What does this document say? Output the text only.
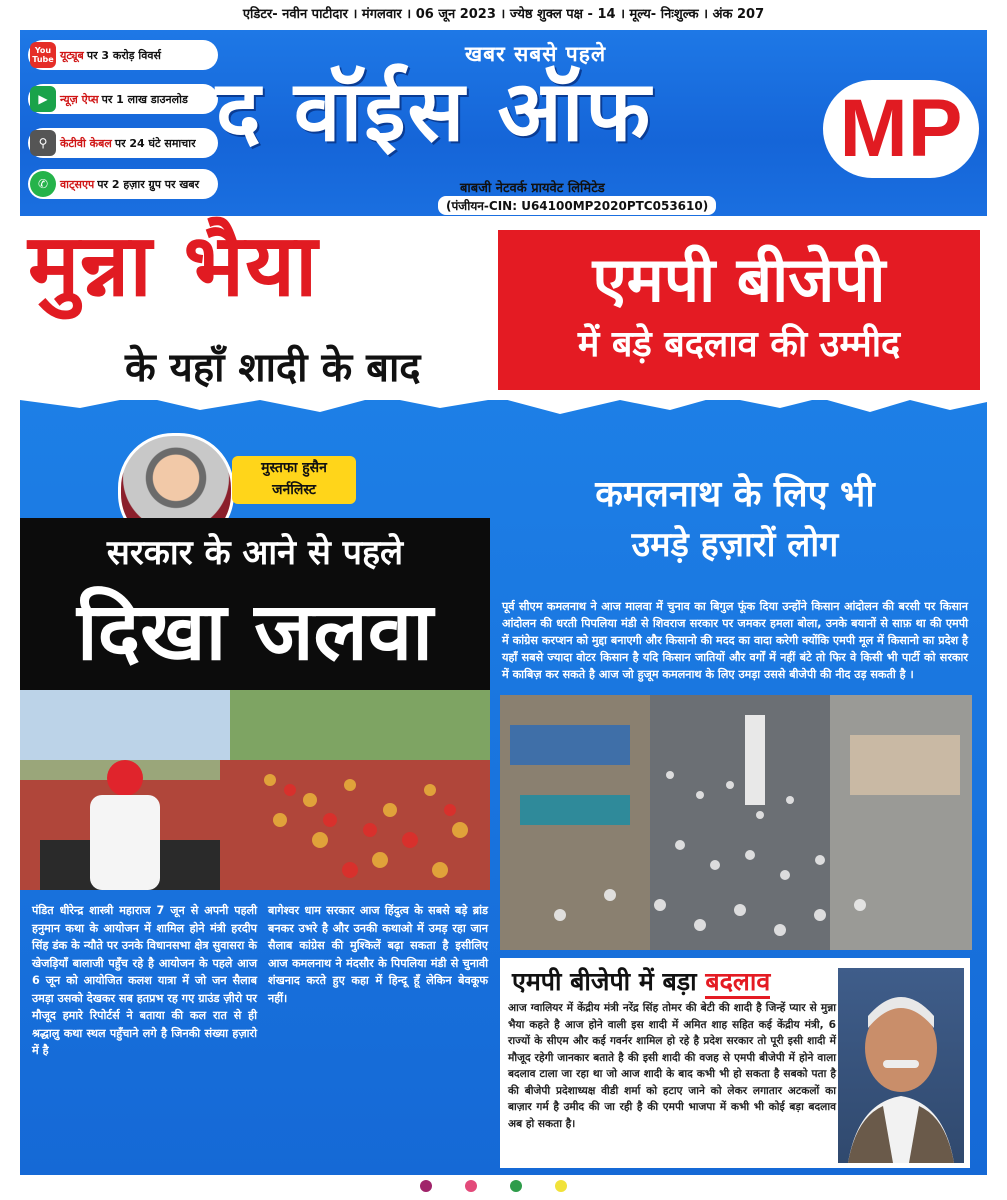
एडिटर- नवीन पाटीदार । मंगलवार । 06 जून 2023 । ज्येष्ठ शुक्ल पक्ष - 14 । मूल्य- निःशुल्क । अंक 207
You Tube यूट्यूब पर 3 करोड़ विवर्स
▶	न्यूज़ ऐप्स पर 1 लाख डाउनलोड
⚲	केटीवी केबल पर 24 घंटे समाचार
✆	वाट्सएप पर 2 हज़ार ग्रुप पर खबर
खबर सबसे पहले
द वॉईस ऑफ MP
बाबजी नेटवर्क प्रायवेट लिमिटेड
(पंजीयन-CIN: U64100MP2020PTC053610)
मुन्ना भैया
के यहाँ शादी के बाद
एमपी बीजेपी
में बड़े बदलाव की उम्मीद
मुस्तफा हुसैन
जर्नलिस्ट	कमलनाथ के लिए भी
उमड़े हज़ारों लोग
पूर्व सीएम कमलनाथ ने आज मालवा में चुनाव का बिगुल फूंक दिया उन्होंने किसान आंदोलन की बरसी पर किसान आंदोलन की धरती पिपलिया मंडी से शिवराज सरकार पर जमकर हमला बोला, उनके बयानों से साफ़ था की एमपी में कांग्रेस करप्शन को मुद्दा बनाएगी और किसानो की मदद का वादा करेगी क्योंकि एमपी मूल में किसानो का प्रदेश है यहाँ सबसे ज्यादा वोटर किसान है यदि किसान जातियों और वर्गों में नहीं बंटे तो फिर वे किसी भी पार्टी को सरकार में काबिज़ कर सकते है आज जो हुजूम कमलनाथ के लिए उमड़ा उससे बीजेपी की नीद उड़ सकती है ।
सरकार के आने से पहले
दिखा जलवा
पंडित धीरेन्द्र शास्त्री महाराज 7 जून से अपनी पहली हनुमान कथा के आयोजन में शामिल होने मंत्री हरदीप सिंह डंक के न्यौते पर उनके विधानसभा क्षेत्र सुवासरा के खेजड़ियाँ बालाजी पहुँच रहे है आयोजन के पहले आज 6 जून को आयोजित कलश यात्रा में जो जन सैलाब उमड़ा उसको देखकर सब हतप्रभ रह गए ग्राउंड ज़ीरो पर मौजूद हमारे रिपोर्टर्स ने बताया की कल रात से ही श्रद्धालु कथा स्थल पहुँचाने लगे है जिनकी संख्या हज़ारो में है
बागेश्वर धाम सरकार आज हिंदुत्व के सबसे बड़े ब्रांड बनकर उभरे है और उनकी कथाओ में उमड़ रहा जान सैलाब कांग्रेस की मुश्किलें बढ़ा सकता है इसीलिए आज कमलनाथ ने मंदसौर के पिपलिया मंडी से चुनावी शंखनाद करते हुए कहा में हिन्दू हूँ लेकिन बेवकूफ नहीं।
एमपी बीजेपी में बड़ा बदलाव
आज ग्वालियर में केंद्रीय मंत्री नरेंद्र सिंह तोमर की बेटी की शादी है जिन्हें प्यार से मुन्ना भैया कहते है आज होने वाली इस शादी में अमित शाह सहित कई केंद्रीय मंत्री, 6 राज्यों के सीएम और कई गवर्नर शामिल हो रहे है प्रदेश सरकार तो पूरी इसी शादी में मौजूद रहेगी जानकार बताते है की इसी शादी की वजह से एमपी बीजेपी में होने वाला बदलाव टाला जा रहा था जो आज शादी के बाद कभी भी हो सकता है सबको पता है की बीजेपी प्रदेशाध्यक्ष वीडी शर्मा को हटाए जाने को लेकर लगातार अटकलों का बाज़ार गर्म है उमीद की जा रही है की एमपी भाजपा में कभी भी कोई बड़ा बदलाव अब हो सकता है।
